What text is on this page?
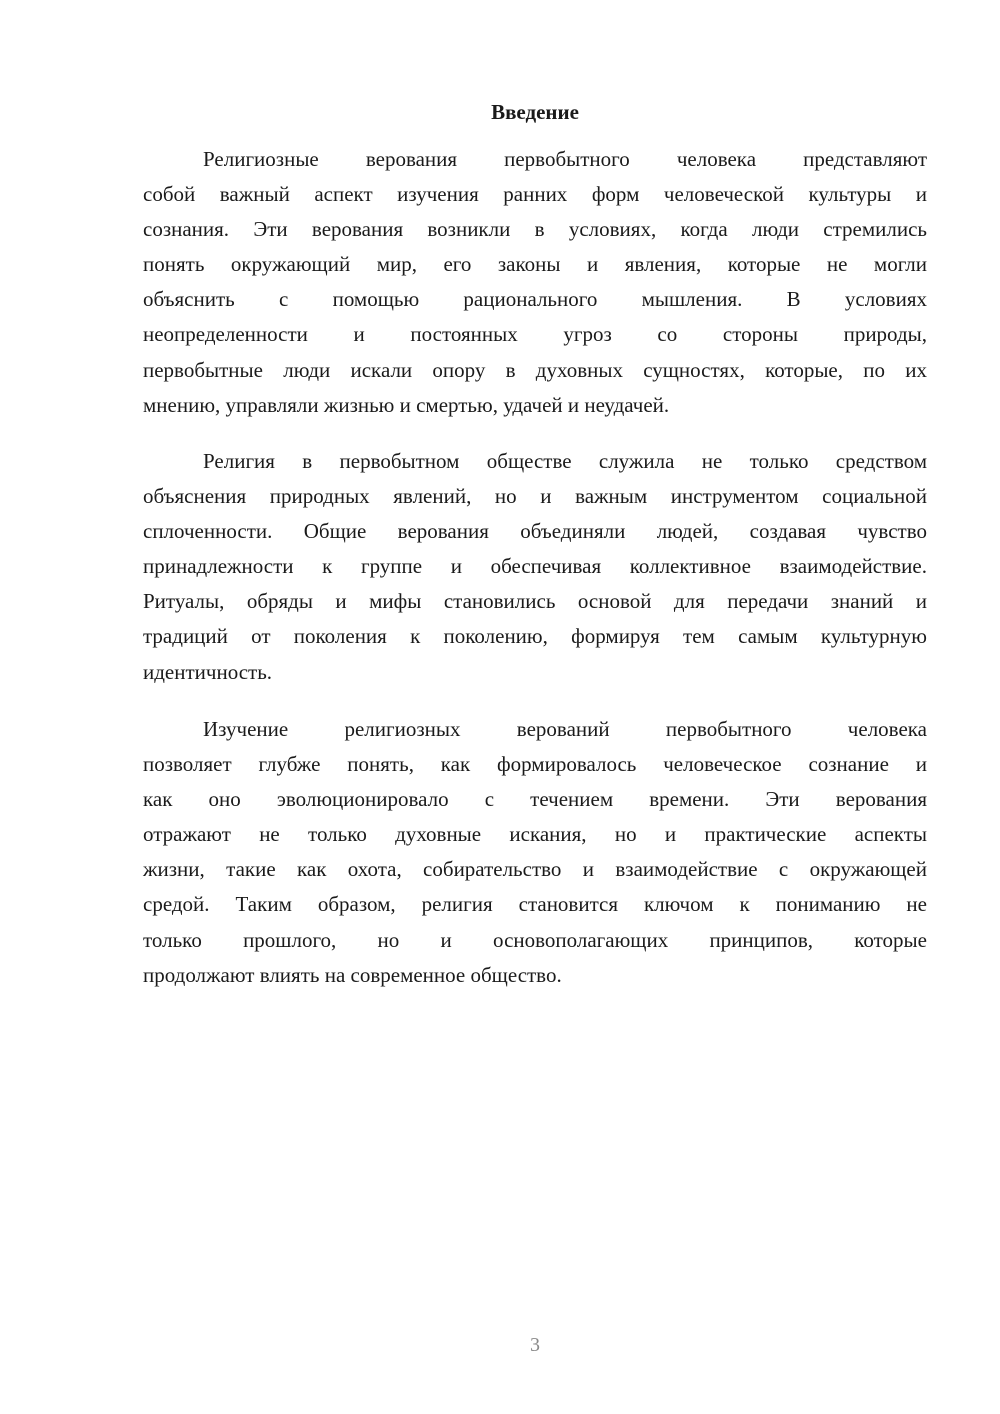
Введение
Религиозные верования первобытного человека представляют
собой важный аспект изучения ранних форм человеческой культуры и
сознания. Эти верования возникли в условиях, когда люди стремились
понять окружающий мир, его законы и явления, которые не могли
объяснить с помощью рационального мышления. В условиях
неопределенности и постоянных угроз со стороны природы,
первобытные люди искали опору в духовных сущностях, которые, по их
мнению, управляли жизнью и смертью, удачей и неудачей.
Религия в первобытном обществе служила не только средством
объяснения природных явлений, но и важным инструментом социальной
сплоченности. Общие верования объединяли людей, создавая чувство
принадлежности к группе и обеспечивая коллективное взаимодействие.
Ритуалы, обряды и мифы становились основой для передачи знаний и
традиций от поколения к поколению, формируя тем самым культурную
идентичность.
Изучение религиозных верований первобытного человека
позволяет глубже понять, как формировалось человеческое сознание и
как оно эволюционировало с течением времени. Эти верования
отражают не только духовные искания, но и практические аспекты
жизни, такие как охота, собирательство и взаимодействие с окружающей
средой. Таким образом, религия становится ключом к пониманию не
только прошлого, но и основополагающих принципов, которые
продолжают влиять на современное общество.
3
